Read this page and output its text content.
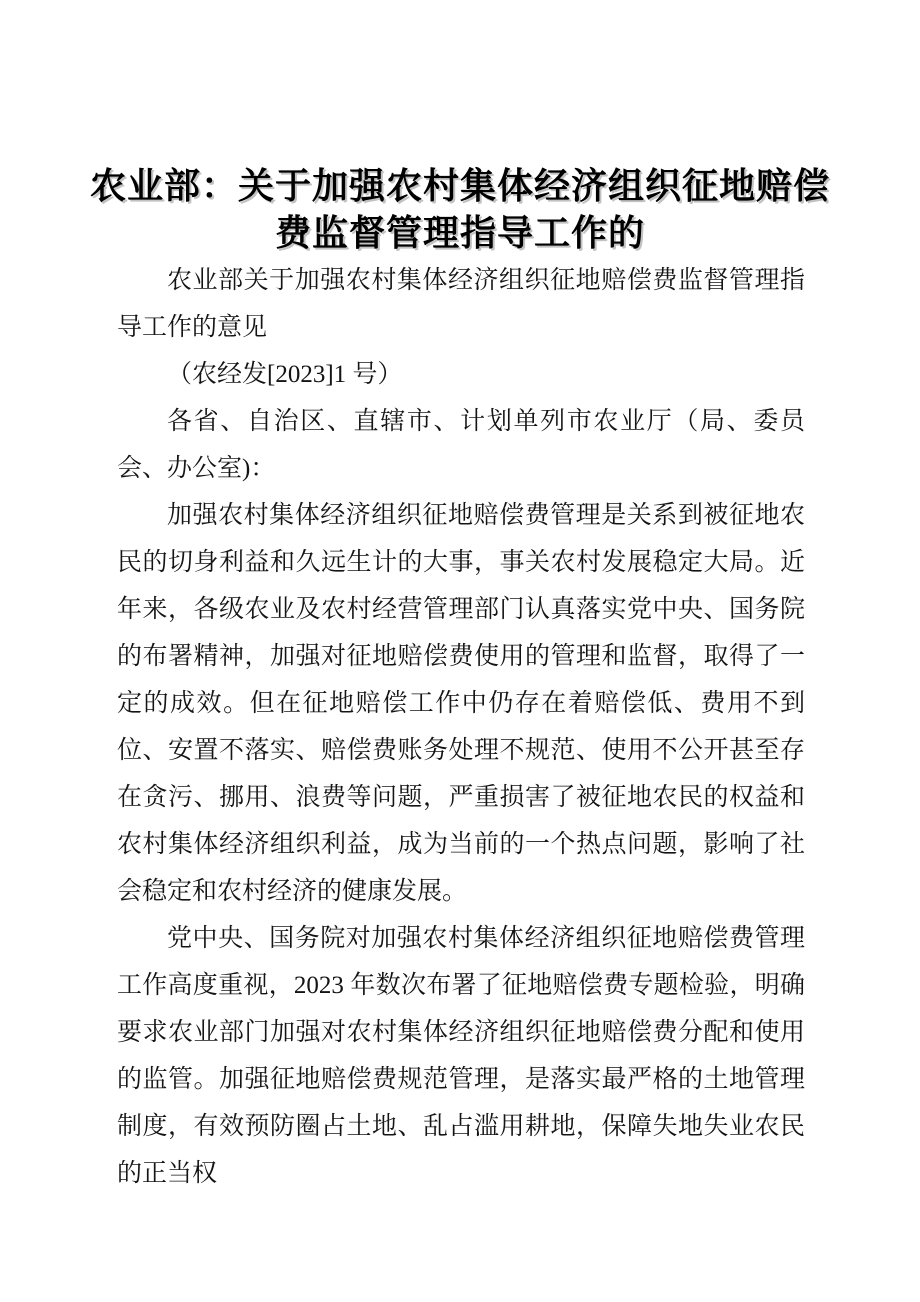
农业部：关于加强农村集体经济组织征地赔偿
费监督管理指导工作的

农业部关于加强农村集体经济组织征地赔偿费监督管理指导工作的意见

（农经发[2023]1 号）

各省、自治区、直辖市、计划单列市农业厅（局、委员会、办公室)：

加强农村集体经济组织征地赔偿费管理是关系到被征地农民的切身利益和久远生计的大事，事关农村发展稳定大局。近年来，各级农业及农村经营管理部门认真落实党中央、国务院的布署精神，加强对征地赔偿费使用的管理和监督，取得了一定的成效。但在征地赔偿工作中仍存在着赔偿低、费用不到位、安置不落实、赔偿费账务处理不规范、使用不公开甚至存在贪污、挪用、浪费等问题，严重损害了被征地农民的权益和农村集体经济组织利益，成为当前的一个热点问题，影响了社会稳定和农村经济的健康发展。

党中央、国务院对加强农村集体经济组织征地赔偿费管理工作高度重视，2023 年数次布署了征地赔偿费专题检验，明确要求农业部门加强对农村集体经济组织征地赔偿费分配和使用的监管。加强征地赔偿费规范管理，是落实最严格的土地管理制度，有效预防圈占土地、乱占滥用耕地，保障失地失业农民的正当权
